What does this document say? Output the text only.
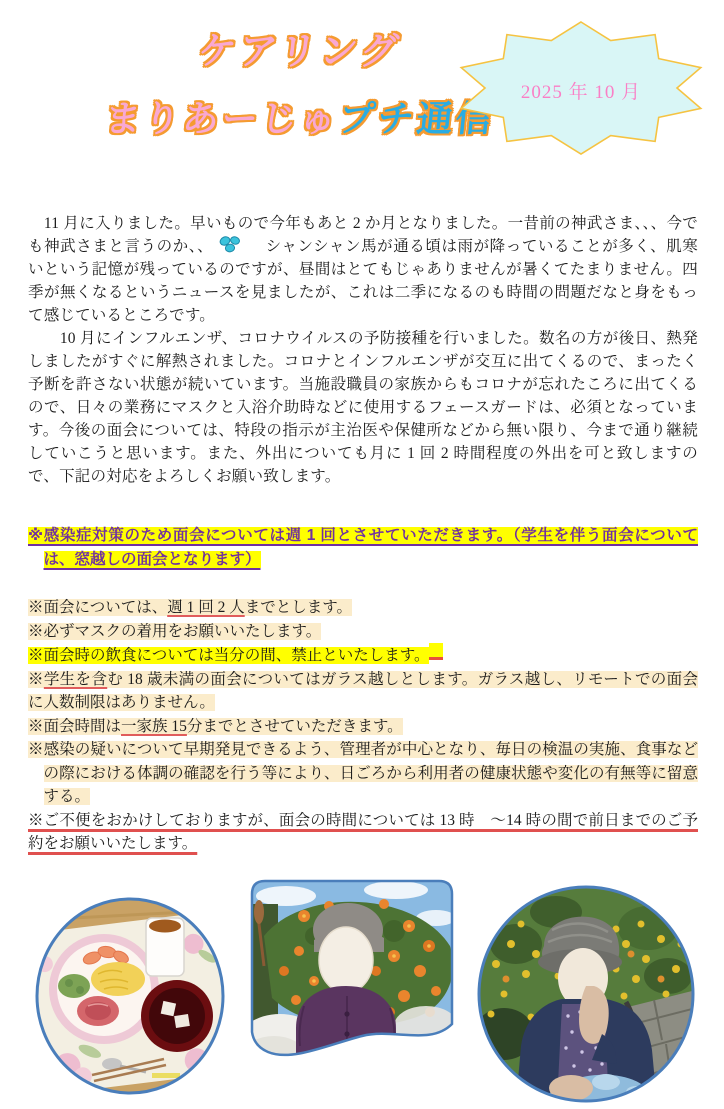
ケアリング
まりあーじゅプチ通信
2025 年 10 月

　11 月に入りました。早いもので今年もあと 2 か月となりました。一昔前の神武さま、、、今でも神武さまと言うのか、、　シャンシャン馬が通る頃は雨が降っていることが多く、肌寒いという記憶が残っているのですが、昼間はとてもじゃありませんが暑くてたまりません。四季が無くなるというニュースを見ましたが、これは二季になるのも時間の問題だなと身をもって感じているところです。

　　10 月にインフルエンザ、コロナウイルスの予防接種を行いました。数名の方が後日、熱発しましたがすぐに解熱されました。コロナとインフルエンザが交互に出てくるので、まったく予断を許さない状態が続いています。当施設職員の家族からもコロナが忘れたころに出てくるので、日々の業務にマスクと入浴介助時などに使用するフェースガードは、必須となっています。今後の面会については、特段の指示が主治医や保健所などから無い限り、今まで通り継続していこうと思います。また、外出についても月に 1 回 2 時間程度の外出を可と致しますので、下記の対応をよろしくお願い致します。

※感染症対策のため面会については週 1 回とさせていただきます。（学生を伴う面会については、窓越しの面会となります）

※面会については、週 1 回 2 人までとします。

※必ずマスクの着用をお願いいたします。

※面会時の飲食については当分の間、禁止といたします。

※学生を含む 18 歳未満の面会についてはガラス越しとします。ガラス越し、リモートでの面会に人数制限はありません。

※面会時間は一家族 15分までとさせていただきます。

※感染の疑いについて早期発見できるよう、管理者が中心となり、毎日の検温の実施、食事などの際における体調の確認を行う等により、日ごろから利用者の健康状態や変化の有無等に留意する。

※ご不便をおかけしておりますが、面会の時間については 13 時　～14 時の間で前日までのご予約をお願いいたします。
